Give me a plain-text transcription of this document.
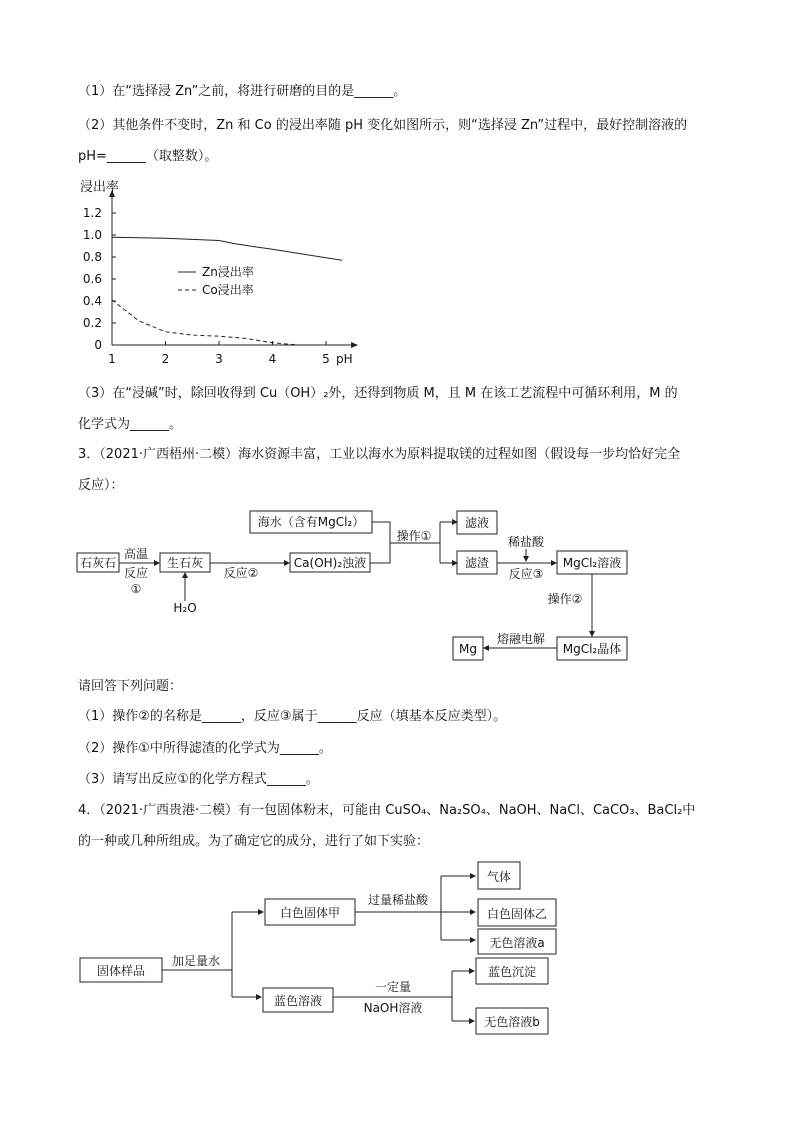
（1）在“选择浸 Zn”之前，将进行研磨的目的是______。
（2）其他条件不变时，Zn 和 Co 的浸出率随 pH 变化如图所示，则“选择浸 Zn”过程中，最好控制溶液的
pH=______（取整数）。
浸出率
pH
1	2	3	4	5
0
0.2
0.4
0.6
0.8
1.0
1.2
Zn浸出率
Co浸出率
（3）在“浸碱”时，除回收得到 Cu（OH）₂外，还得到物质 M，且 M 在该工艺流程中可循环利用，M 的
化学式为______。
3．（2021·广西梧州·二模）海水资源丰富，工业以海水为原料提取镁的过程如图（假设每一步均恰好完全
反应）：
石灰石	生石灰
海水（含有MgCl₂）
Ca(OH)₂浊液
滤液
滤渣	MgCl₂溶液
MgCl₂晶体
Mg
高温
反应
①
H₂O
反应②
操作①	稀盐酸
反应③
操作②
熔融电解
请回答下列问题：
（1）操作②的名称是______，反应③属于______反应（填基本反应类型）。
（2）操作①中所得滤渣的化学式为______。
（3）请写出反应①的化学方程式______。
4．（2021·广西贵港·二模）有一包固体粉末，可能由 CuSO₄、Na₂SO₄、NaOH、NaCl、CaCO₃、BaCl₂中
的一种或几种所组成。为了确定它的成分，进行了如下实验：
固体样品
加足量水
白色固体甲
过量稀盐酸
气体
白色固体乙
无色溶液a
蓝色溶液
一定量
NaOH溶液
蓝色沉淀
无色溶液b
